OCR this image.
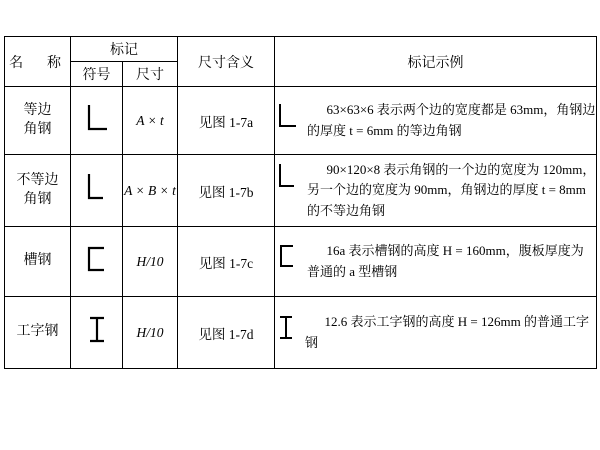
名　称	标记		尺寸含义	标记示例
	符号	尺寸		

等边
角钢		A × t	见图 1-7a	63×63×6 表示两个边的宽度都是 63mm，角钢边的厚度 t = 6mm 的等边角钢

不等边
角钢		A × B × t	见图 1-7b	90×120×8 表示角钢的一个边的宽度为 120mm，另一个边的宽度为 90mm，角钢边的厚度 t = 8mm 的不等边角钢

槽钢		H/10	见图 1-7c	16a 表示槽钢的高度 H = 160mm，腹板厚度为普通的 a 型槽钢

工字钢		H/10	见图 1-7d	12.6 表示工字钢的高度 H = 126mm 的普通工字钢
